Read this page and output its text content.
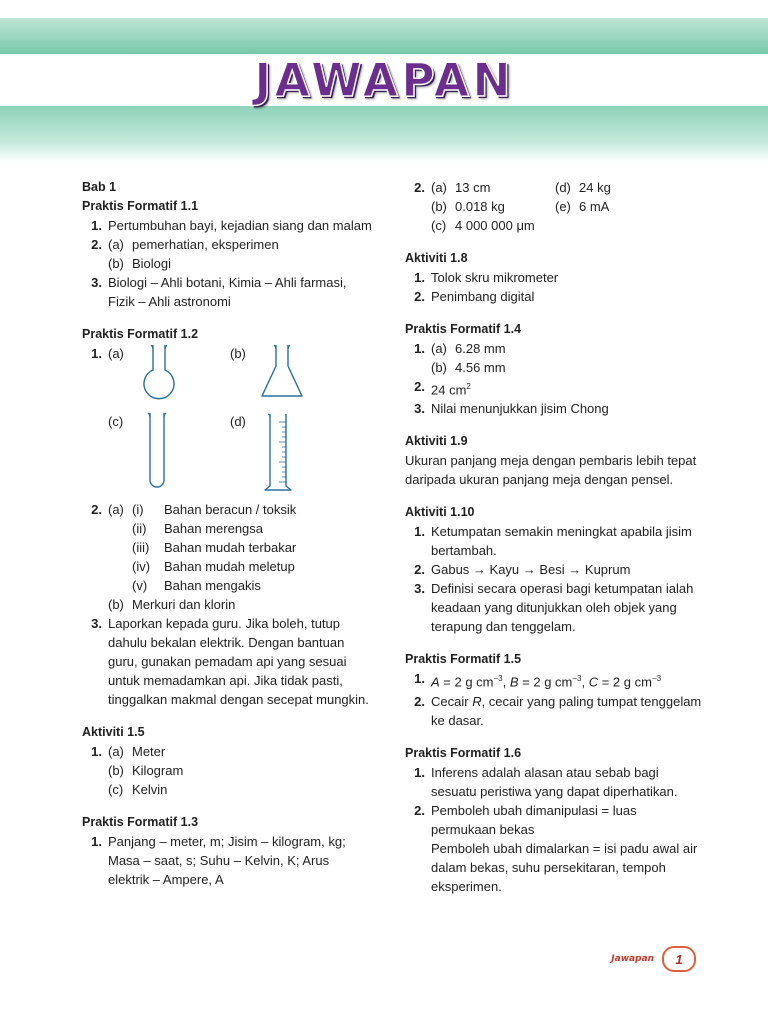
JAWAPAN
Bab 1
Praktis Formatif 1.1
1. Pertumbuhan bayi, kejadian siang dan malam
2. (a) pemerhatian, eksperimen
(b) Biologi
3. Biologi – Ahli botani, Kimia – Ahli farmasi, Fizik – Ahli astronomi
Praktis Formatif 1.2
1. (a)	(b)
(c)	(d)
2. (a) (i)	Bahan beracun / toksik
(ii)	Bahan merengsa
(iii)	Bahan mudah terbakar
(iv)	Bahan mudah meletup
(v)	Bahan mengakis
(b) Merkuri dan klorin
3. Laporkan kepada guru. Jika boleh, tutup dahulu bekalan elektrik. Dengan bantuan guru, gunakan pemadam api yang sesuai untuk memadamkan api. Jika tidak pasti, tinggalkan makmal dengan secepat mungkin.
Aktiviti 1.5
1. (a) Meter
(b) Kilogram
(c) Kelvin
Praktis Formatif 1.3
1. Panjang – meter, m; Jisim – kilogram, kg; Masa – saat, s; Suhu – Kelvin, K; Arus elektrik – Ampere, A
2. (a) 13 cm	(d) 24 kg
(b) 0.018 kg	(e) 6 mA
(c) 4 000 000 μm
Aktiviti 1.8
1. Tolok skru mikrometer
2. Penimbang digital
Praktis Formatif 1.4
1. (a) 6.28 mm
(b) 4.56 mm
2. 24 $cm^2$
3. Nilai menunjukkan jisim Chong
Aktiviti 1.9
Ukuran panjang meja dengan pembaris lebih tepat daripada ukuran panjang meja dengan pensel.
Aktiviti 1.10
1. Ketumpatan semakin meningkat apabila jisim bertambah.
2. Gabus → Kayu → Besi → Kuprum
3. Definisi secara operasi bagi ketumpatan ialah keadaan yang ditunjukkan oleh objek yang terapung dan tenggelam.
Praktis Formatif 1.5
1. A = 2 g $cm^{-3}$, B = 2 g $cm^{-3}$, C = 2 g $cm^{-3}$
2. Cecair R, cecair yang paling tumpat tenggelam ke dasar.
Praktis Formatif 1.6
1. Inferens adalah alasan atau sebab bagi sesuatu peristiwa yang dapat diperhatikan.
2. Pemboleh ubah dimanipulasi = luas permukaan bekas
Pemboleh ubah dimalarkan = isi padu awal air dalam bekas, suhu persekitaran, tempoh eksperimen.
Jawapan	1
